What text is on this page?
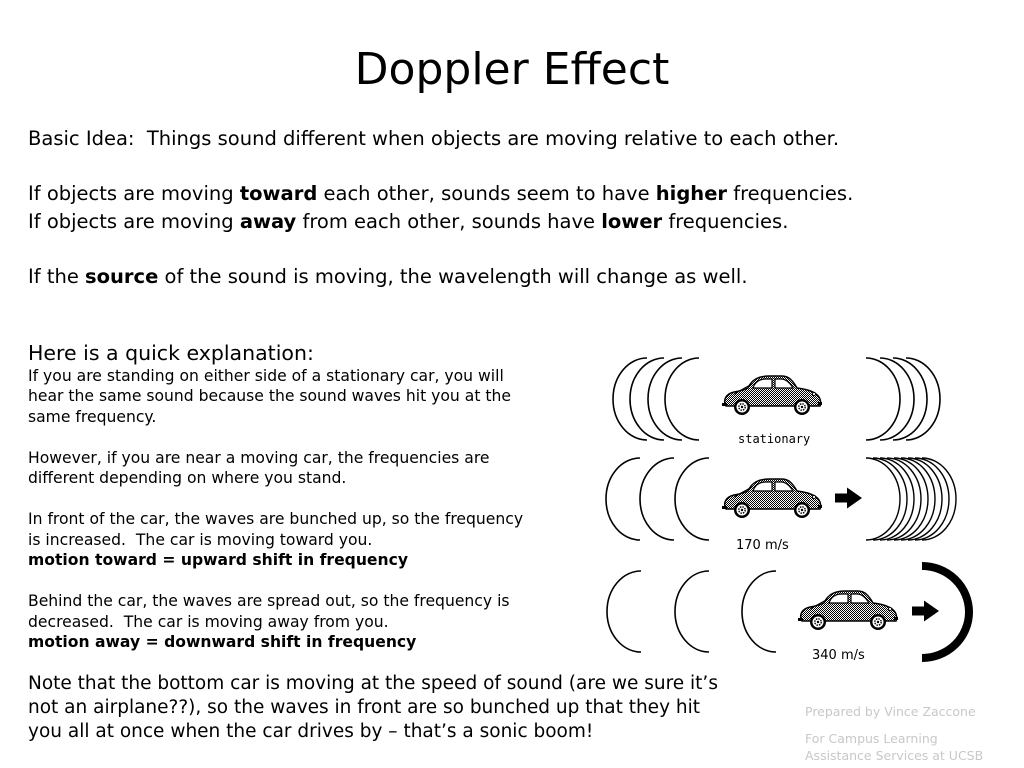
Doppler Effect
Basic Idea:  Things sound different when objects are moving relative to each other.
If objects are moving toward each other, sounds seem to have higher frequencies.
If objects are moving away from each other, sounds have lower frequencies.
If the source of the sound is moving, the wavelength will change as well.
Here is a quick explanation:
If you are standing on either side of a stationary car, you will
hear the same sound because the sound waves hit you at the
same frequency.
However, if you are near a moving car, the frequencies are
different depending on where you stand.
In front of the car, the waves are bunched up, so the frequency
is increased.  The car is moving toward you.
motion toward = upward shift in frequency
Behind the car, the waves are spread out, so the frequency is
decreased.  The car is moving away from you.
motion away = downward shift in frequency
Note that the bottom car is moving at the speed of sound (are we sure it’s
not an airplane??), so the waves in front are so bunched up that they hit
you all at once when the car drives by – that’s a sonic boom!
Prepared by Vince Zaccone
For Campus Learning
Assistance Services at UCSB
stationary
170 m/s
340 m/s
